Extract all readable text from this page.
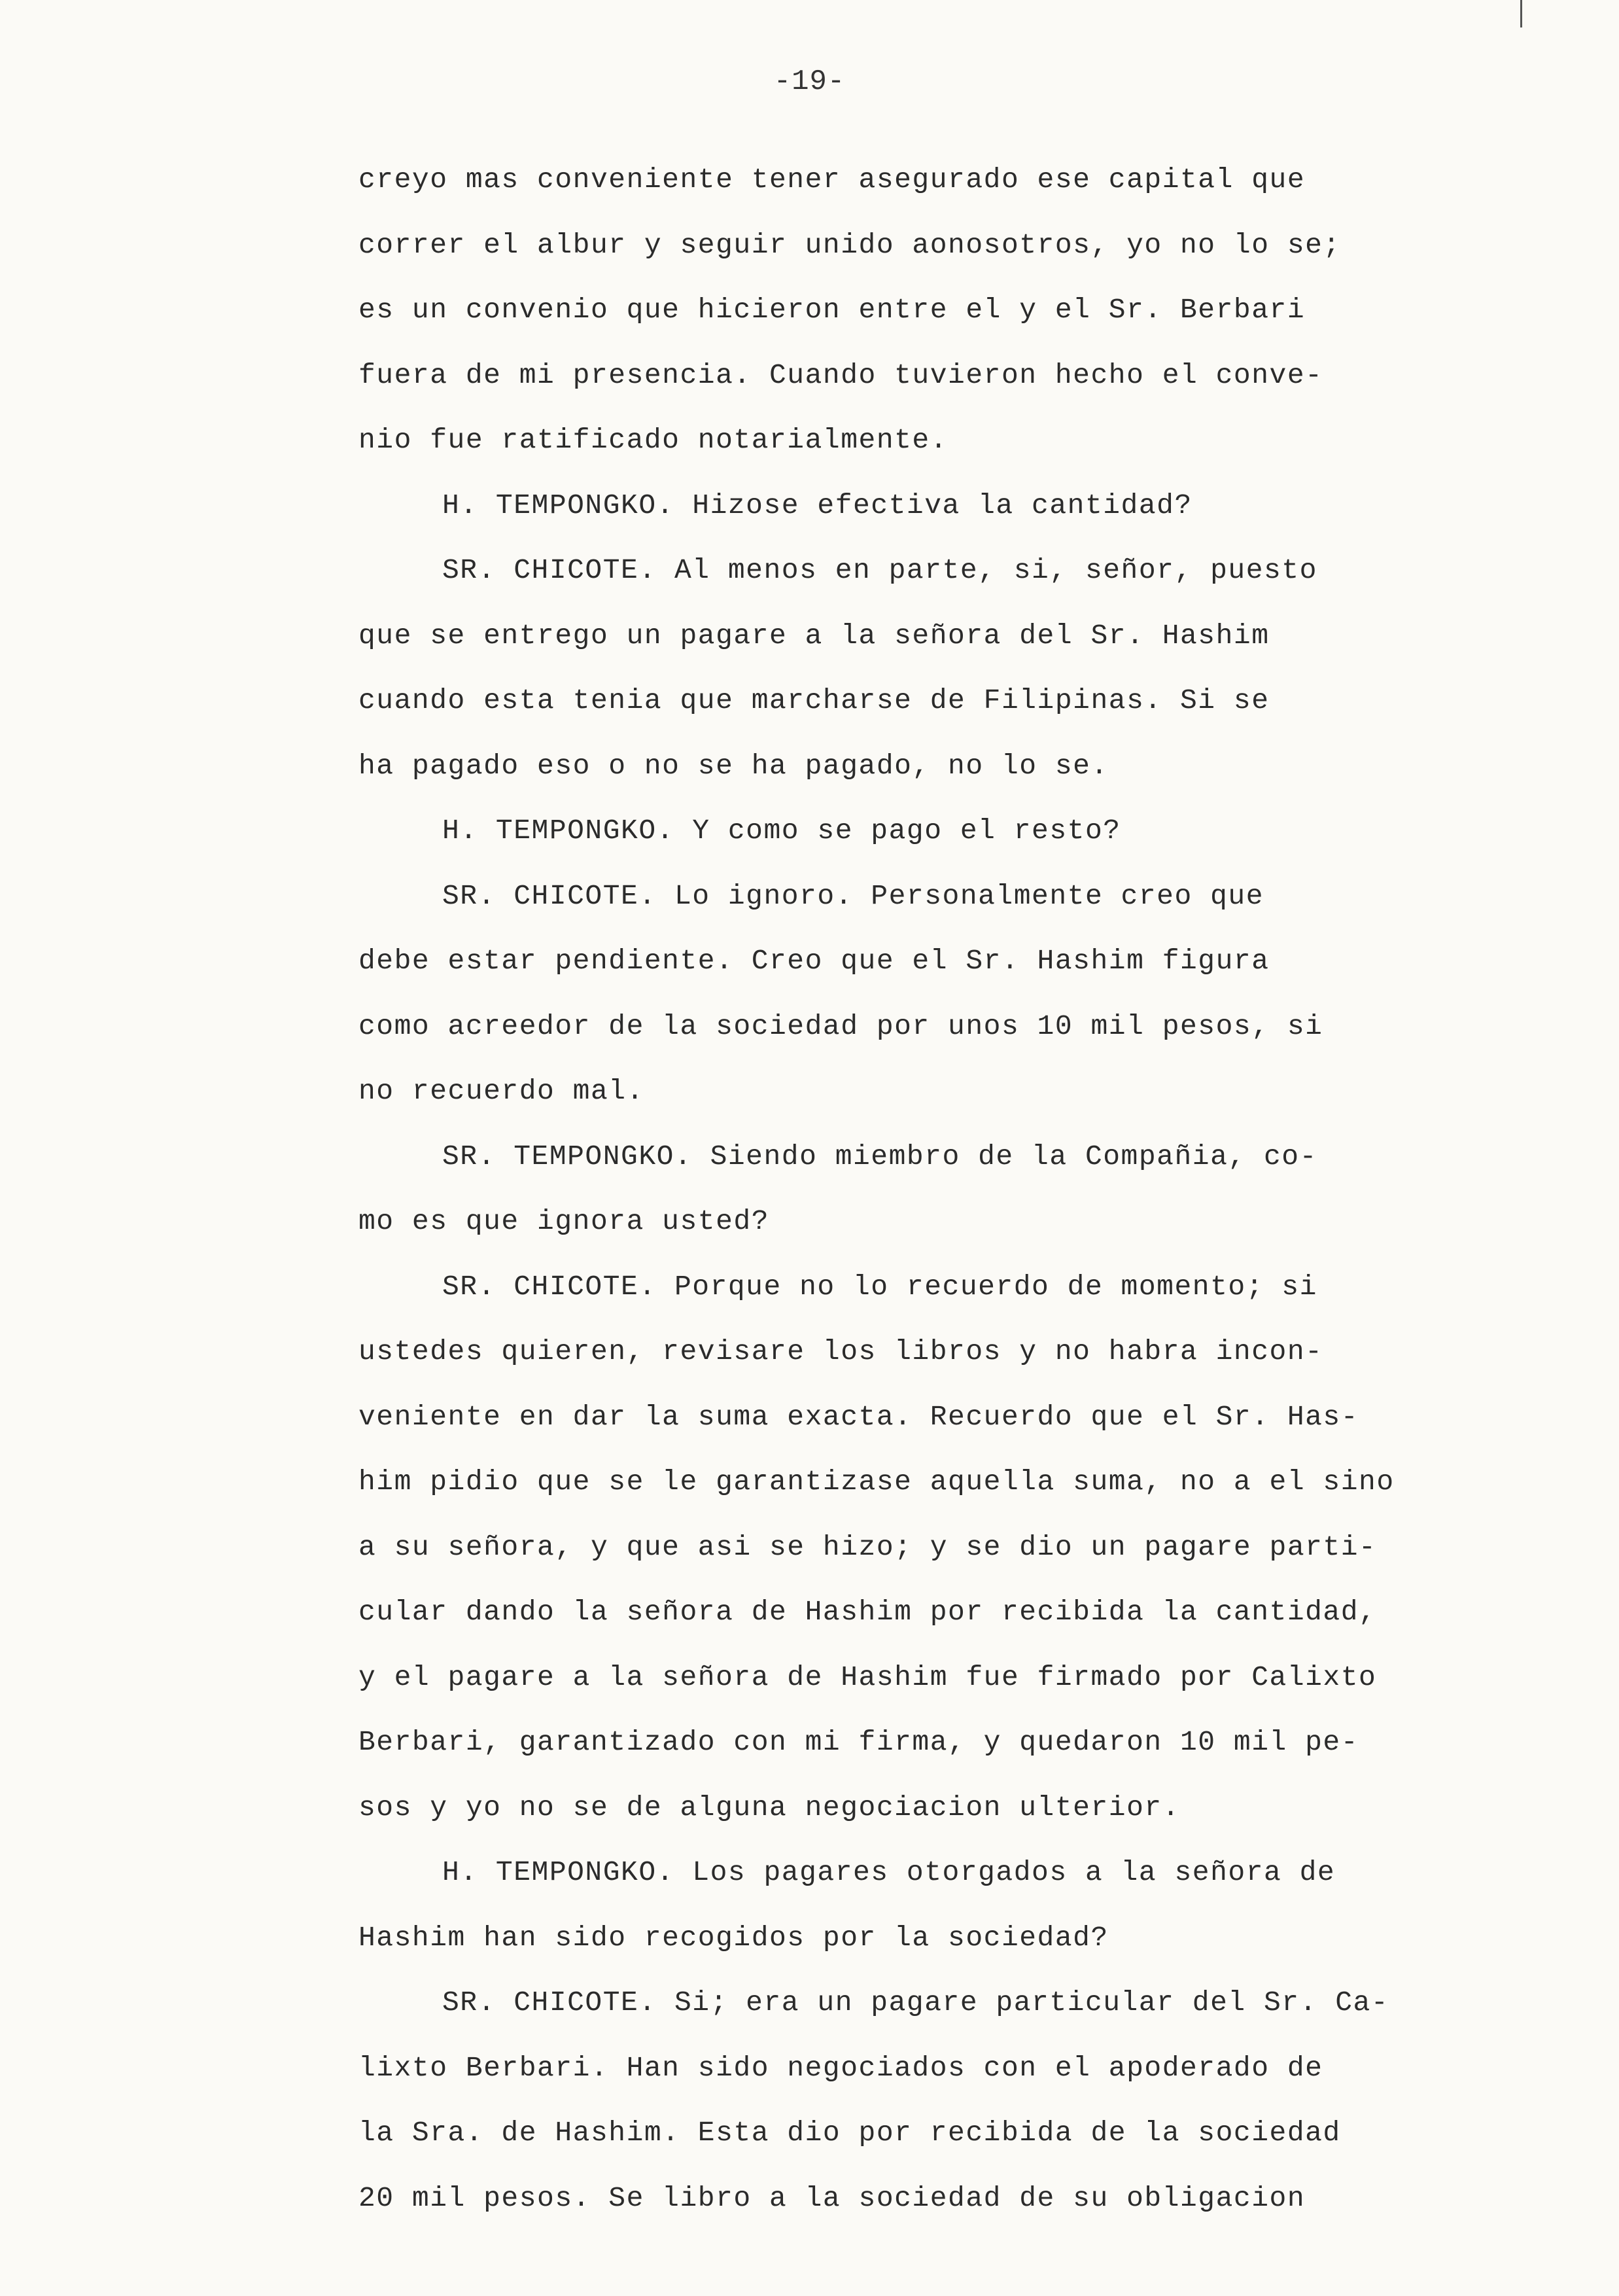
-19-
creyo mas conveniente tener asegurado ese capital que
correr el albur y seguir unido aonosotros, yo no lo se;
es un convenio que hicieron entre el y el Sr. Berbari
fuera de mi presencia. Cuando tuvieron hecho el conve-
nio fue ratificado notarialmente.
H. TEMPONGKO. Hizose efectiva la cantidad?
SR. CHICOTE. Al menos en parte, si, señor, puesto
que se entrego un pagare a la señora del Sr. Hashim
cuando esta tenia que marcharse de Filipinas. Si se
ha pagado eso o no se ha pagado, no lo se.
H. TEMPONGKO. Y como se pago el resto?
SR. CHICOTE. Lo ignoro. Personalmente creo que
debe estar pendiente. Creo que el Sr. Hashim figura
como acreedor de la sociedad por unos 10 mil pesos, si
no recuerdo mal.
SR. TEMPONGKO. Siendo miembro de la Compañia, co-
mo es que ignora usted?
SR. CHICOTE. Porque no lo recuerdo de momento; si
ustedes quieren, revisare los libros y no habra incon-
veniente en dar la suma exacta. Recuerdo que el Sr. Has-
him pidio que se le garantizase aquella suma, no a el sino
a su señora, y que asi se hizo; y se dio un pagare parti-
cular dando la señora de Hashim por recibida la cantidad,
y el pagare a la señora de Hashim fue firmado por Calixto
Berbari, garantizado con mi firma, y quedaron 10 mil pe-
sos y yo no se de alguna negociacion ulterior.
H. TEMPONGKO. Los pagares otorgados a la señora de
Hashim han sido recogidos por la sociedad?
SR. CHICOTE. Si; era un pagare particular del Sr. Ca-
lixto Berbari. Han sido negociados con el apoderado de
la Sra. de Hashim. Esta dio por recibida de la sociedad
20 mil pesos. Se libro a la sociedad de su obligacion
